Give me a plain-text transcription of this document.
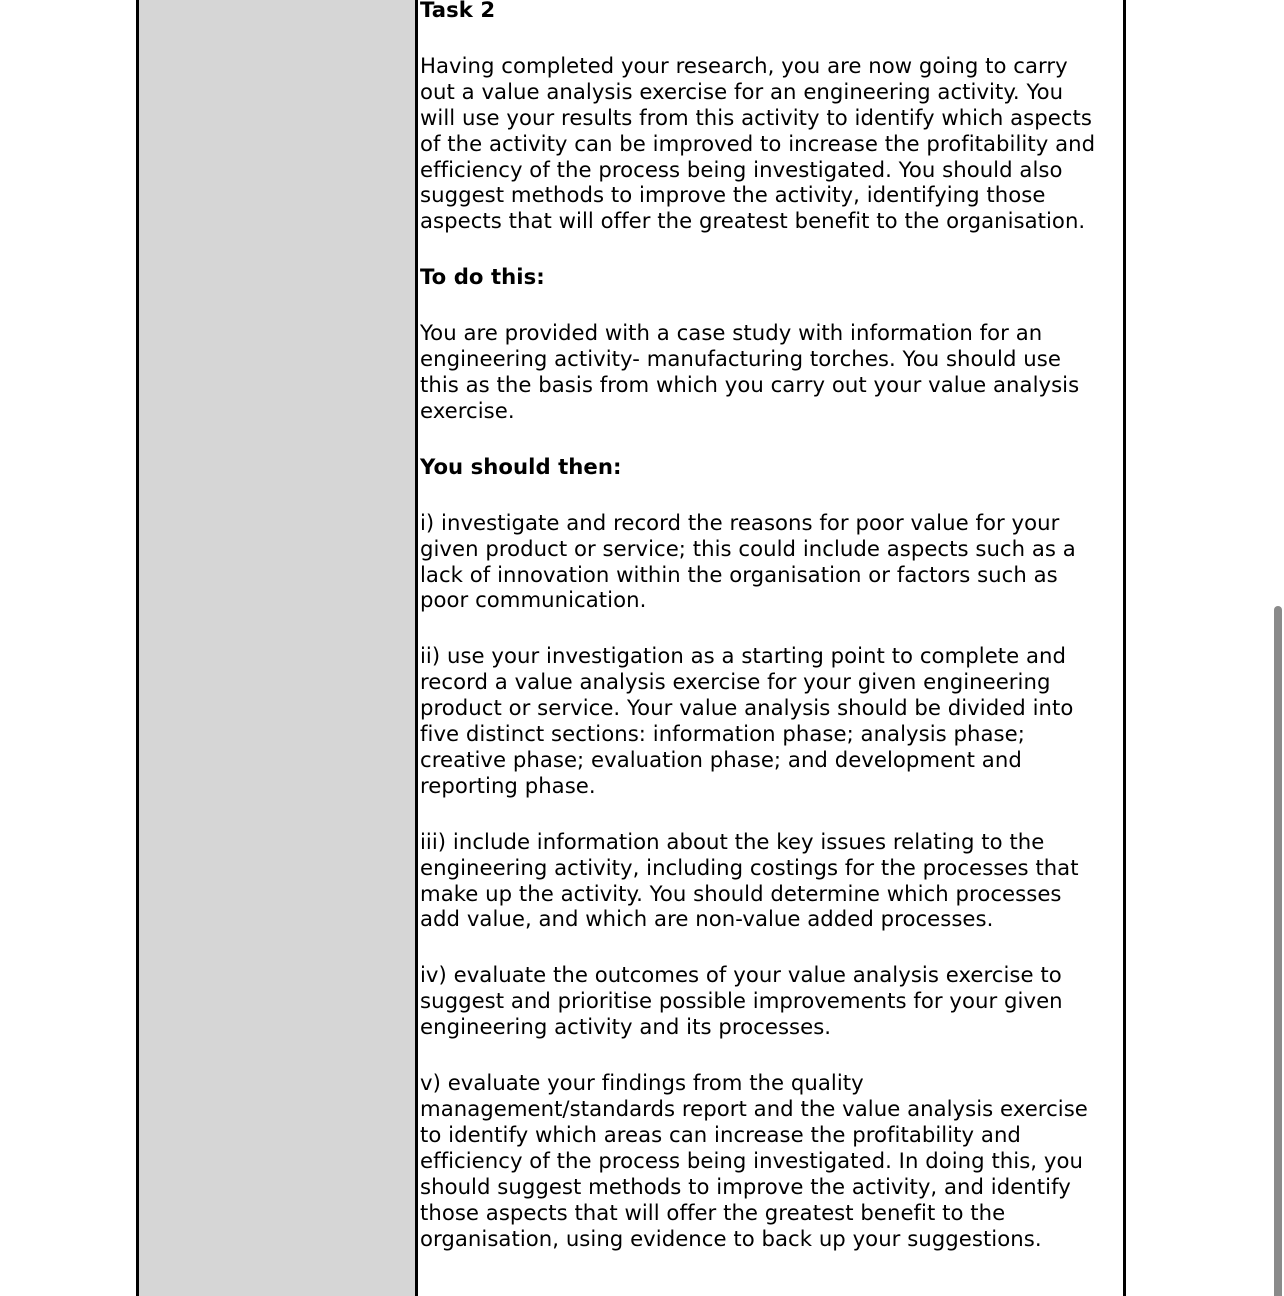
Task 2

Having completed your research, you are now going to carry out a value analysis exercise for an engineering activity. You will use your results from this activity to identify which aspects of the activity can be improved to increase the profitability and efficiency of the process being investigated. You should also suggest methods to improve the activity, identifying those aspects that will offer the greatest benefit to the organisation.

To do this:

You are provided with a case study with information for an engineering activity- manufacturing torches. You should use this as the basis from which you carry out your value analysis exercise.

You should then:

i) investigate and record the reasons for poor value for your given product or service; this could include aspects such as a lack of innovation within the organisation or factors such as poor communication.

ii) use your investigation as a starting point to complete and record a value analysis exercise for your given engineering product or service. Your value analysis should be divided into five distinct sections: information phase; analysis phase; creative phase; evaluation phase; and development and reporting phase.

iii) include information about the key issues relating to the engineering activity, including costings for the processes that make up the activity. You should determine which processes add value, and which are non-value added processes.

iv) evaluate the outcomes of your value analysis exercise to suggest and prioritise possible improvements for your given engineering activity and its processes.

v) evaluate your findings from the quality management/standards report and the value analysis exercise to identify which areas can increase the profitability and efficiency of the process being investigated. In doing this, you should suggest methods to improve the activity, and identify those aspects that will offer the greatest benefit to the organisation, using evidence to back up your suggestions.
